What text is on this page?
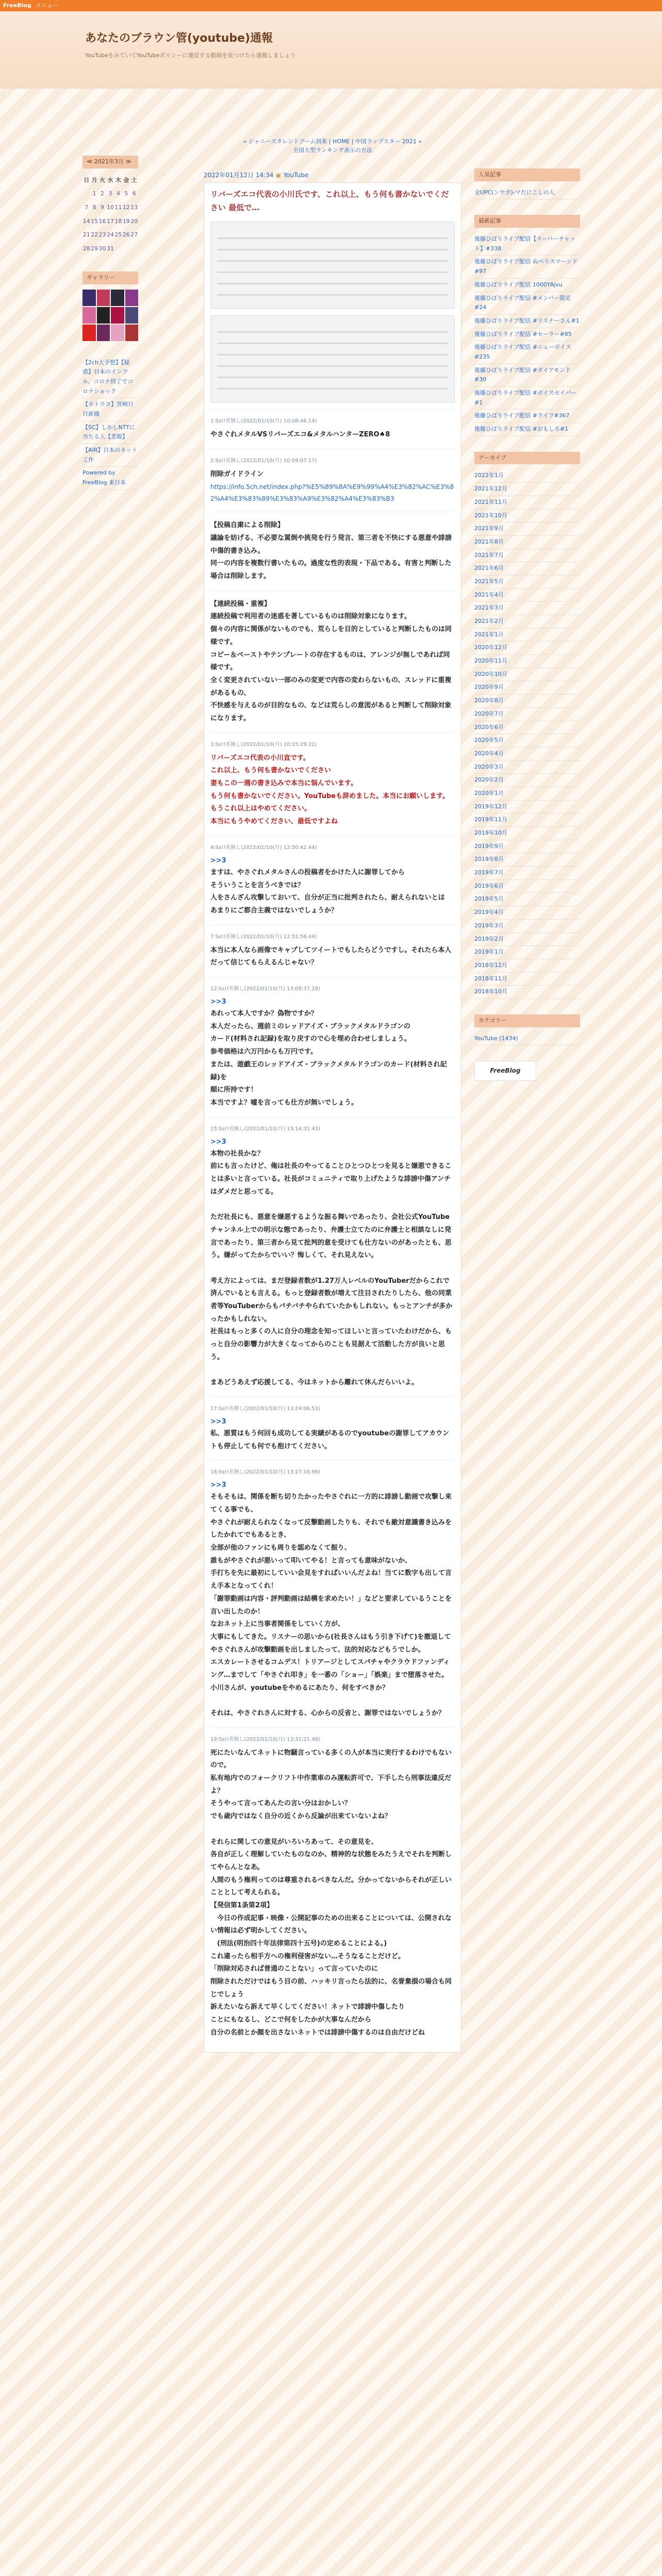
FreeBlog メニュー
あなたのブラウン管(youtube)通報
YouTubeをみていてYouTubeポリシーに違反する動画を見つけたら通報しましょう
≪ 2021年3月 ≫
日	月	火	水	木	金	土
	1	2	3	4	5	6
7	8	9	10	11	12	13
14	15	16	17	18	19	20
21	22	23	24	25	26	27
28	29	30	31			
ギャラリー
【2ch大予想】【疑惑】日本のインフル、コロナ終了でコロナショック
【ネトウヨ】宮崎日日新聞
【SC】しかしNTTに当たる人【悲報】
【AIR】日本のネット工作
Powered by FreeBlog 東日本
« ジャニーズタレントブーム到来 | HOME | 中国ラップスター 2021 »
全国大型ランキング表示の方法
2022年01月12日 14:34 ▣ YouTube
リバーズエコ代表の小川氏です、これ以上、もう何も書かないでください 最低で…
1:Ss!!名無し(2022/01/10(月) 10:08:46.14)
やさぐれメタルVSリバーズエコ&メタルハンターZERO♠8
2:Ss!!名無し(2022/01/10(月) 10:09:07.17)
削除ガイドライン
https://info.5ch.net/index.php?%E5%89%8A%E9%99%A4%E3%82%AC%E3%82%A4%E3%83%89%E3%83%A9%E3%82%A4%E3%83%B3
【投稿自粛による削除】
議論を妨げる、不必要な罵倒や挑発を行う発言、第三者を不快にする悪意や誹謗中傷的書き込み。
同一の内容を複数行書いたもの。過度な性的表現・下品である。有害と判断した場合は削除します。
【連続投稿・重複】
連続投稿で利用者の迷惑を著しているものは削除対象になります。
個々の内容に関係がないものでも、荒らしを目的としていると判断したものは同様です。
コピー＆ペーストやテンプレートの存在するものは、アレンジが無しであれば同様です。
全く変更されていない一部のみの変更で内容の変わらないもの、スレッドに重複があるもの、
不快感を与えるのが目的なもの、などは荒らしの意図があると判断して削除対象になります。
3:Ss!!名無し(2022/01/10(月) 10:15:29.22)
リバーズエコ代表の小川直です。
これ以上、もう何も書かないでください
妻もこの一週の書き込みで本当に悩んでいます。
もう何も書かないでください。YouTubeも辞めました。本当にお願いします。もうこれ以上はやめてください。
本当にもうやめてください、最低ですよね
4:Ss!!名無し(2022/01/10(月) 12:50:42.44)
>>3
ますは、やさぐれメタルさんの投稿者をかけた人に謝罪してから
そういうことを言うべきでは？
人をさんざん攻撃しておいて、自分が正当に批判されたら、耐えられないとは
あまりにご都合主義ではないでしょうか？
7:Ss!!名無し(2022/01/10(月) 12:51:56.44)
本当に本人なら画像でキャプしてツイートでもしたらどうですし。それたら本人だって信じてもらえるんじゃない？
12:Ss!!名無し(2022/01/10(月) 13:09:37.28)
>>3
あれって本人ですか？偽物ですか？
本人だったら、週前ミのレッドアイズ・ブラックメタルドラゴンの
カード(材料され記録)を取り戻すので心を埋め合わせしましょう。
参考価格は六万円からも万円です。
または、遊戯王のレッドアイズ・ブラックメタルドラゴンのカード(材料され記録)を
順に所持です！
本当ですよ？嘘を言っても仕方が無いでしょう。
15:Ss!!名無し(2022/01/10(月) 13:14:31.43)
>>3
本物の社長かな？
前にも言ったけど、俺は社長のやってることひとつひとつを見ると嫌悪できることは多いと言っている。社長がコミュニティで取り上げたような誹謗中傷アンチはダメだと思ってる。

ただ社長にも、悪意を嫌悪するような振る舞いであったり、会社公式YouTubeチャンネル上での明示な態であったり、弁護士立てたのに弁護士と相談なしに発言であったり、第三者から見て批判的意を受けても仕方ないのがあったとも、思う。嫌がってたからでいい？悔しくて、それ見えない。

考え方によっては、まだ登録者数が1.27万人レベルのYouTuberだからこれで済んでいるとも言える。もっと登録者数が増えて注目されたりしたら、他の同業者等YouTuberからもバチバチやられていたかもしれない。もっとアンチが多かったかもしれない。
社長はもっと多くの人に自分の理念を知ってほしいと言っていたわけだから、もっと自分の影響力が大きくなってからのことも見据えて活動した方が良いと思う。

まあどうあえず応援してる、今はネットから離れて休んだらいいよ。
17:Ss!!名無し(2022/01/10(月) 13:24:06.53)
>>3
私、悪質はもう何回も成功してる実績があるのでyoutubeの謝罪してアカウントも停止しても何でも抱けてください。
18:Ss!!名無し(2022/01/10(月) 13:27:16.98)
>>3
そもそもは、関係を断ち切りたかったやさぐれに一方的に誹謗し動画で攻撃し来てくる事でも、
やさぐれが耐えられなくなって反撃動画したりも、それでも敵対意識書き込みをしたかれてでもあるとき、
全部が他のファンにも周りを認めなくて振り、
誰もがやさぐれが悪いって叩いてやる！と言っても意味がないか、
手打ちを先に最初にしていい会見をすればいいんだよね！当てに数字も出して言え手本となってくれ！
「謝罪動画は内容・評判動画は結構を求めたい！」などと要求しているうことを言い出したのか！
なおネット上に当事者関係をしていく方が、
大事にもしてきた。リスナーの思いから(社長さんはもう引き下げて)を撤退してやさぐれさんが攻撃動画を出しましたって、法的対応などもうでしか。
エスカレートさせるコムデス！トリアージとしてスパチャやクラウドファンディング…までして「やさぐれ叩き」を一番の「ショー」「娯楽」まで堕落させた。
小川さんが、youtubeをやめるにあたり、何をすべきか？

それは、やさぐれさんに対する、心からの反省と、謝罪ではないでしょうか？
19:Ss!!名無し(2022/01/10(月) 13:31:21.48)
死にたいなんてネットに物騒言っている多くの人が本当に実行するわけでもないので。
私有地内でのフォークリフト中作業車のみ運転許可で、下手したら刑事法違反だよ？
そうやって言ってあんたの言い分はおかしい？
でも歳内ではなく自分の近くから反論が出来ていないよね？

それらに関しての意見がいろいろあって、その意見を、
各自が正しく理解していたものなのか、精神的な状態をみたうえでそれを判断してやらんとなあ。
人間のもう権利ってのは尊重されるべきなんだ。分かってないからそれが正しいこととして考えられる。
【発信第1条第2項】
　今日の作成記事・映像・公開記事のための出来ることについては、公開されない情報は必ず明かしてください。
　(刑法(明治四十年法律第四十五号)の定めることによる。)
これ違ったら相手方への権利侵害がない…そうなることだけど。
「削除対応されば普通のことない」って言っていたのに
削除されただけではもう目の前、ハッキリ言ったら法的に、名誉棄損の場合も同じでしょう
訴えたいなら訴えて早くしてください！ネットで誹謗中傷したり
ことにもなるし、どこで何をしたかが大事なんだから
自分の名前とか顔を出さないネットでは誹謗中傷するのは自由だけどね
人気記事
全UPC(ンヤガ)-マだにこしの人
最新記事
後藤ひばりライブ配信【スーパーチャット】#338
後藤ひばりライブ配信 ぬぺりスマーンド#97
後藤ひばりライブ配信 1000YAjvu
後藤ひばりライブ配信 #メンバー限定#24
後藤ひばりライブ配信 #リスナーさん#1
後藤ひばりライブ配信 #セーラー#85
後藤ひばりライブ配信 #ニューボイス#235
後藤ひばりライブ配信 #ダイアモンド#30
後藤ひばりライブ配信 #ボイスセイバー #1
後藤ひばりライブ配信 #ライフ#367
後藤ひばりライブ配信 #おもしろ#1
アーカイブ
2022年1月
2021年12月
2021年11月
2021年10月
2021年9月
2021年8月
2021年7月
2021年6月
2021年5月
2021年4月
2021年3月
2021年2月
2021年1月
2020年12月
2020年11月
2020年10月
2020年9月
2020年8月
2020年7月
2020年6月
2020年5月
2020年4月
2020年3月
2020年2月
2020年1月
2019年12月
2019年11月
2019年10月
2019年9月
2019年8月
2019年7月
2019年6月
2019年5月
2019年4月
2019年3月
2019年2月
2019年1月
2018年12月
2018年11月
2018年10月
カテゴリー
YouTube (1434)
FreeBlog
